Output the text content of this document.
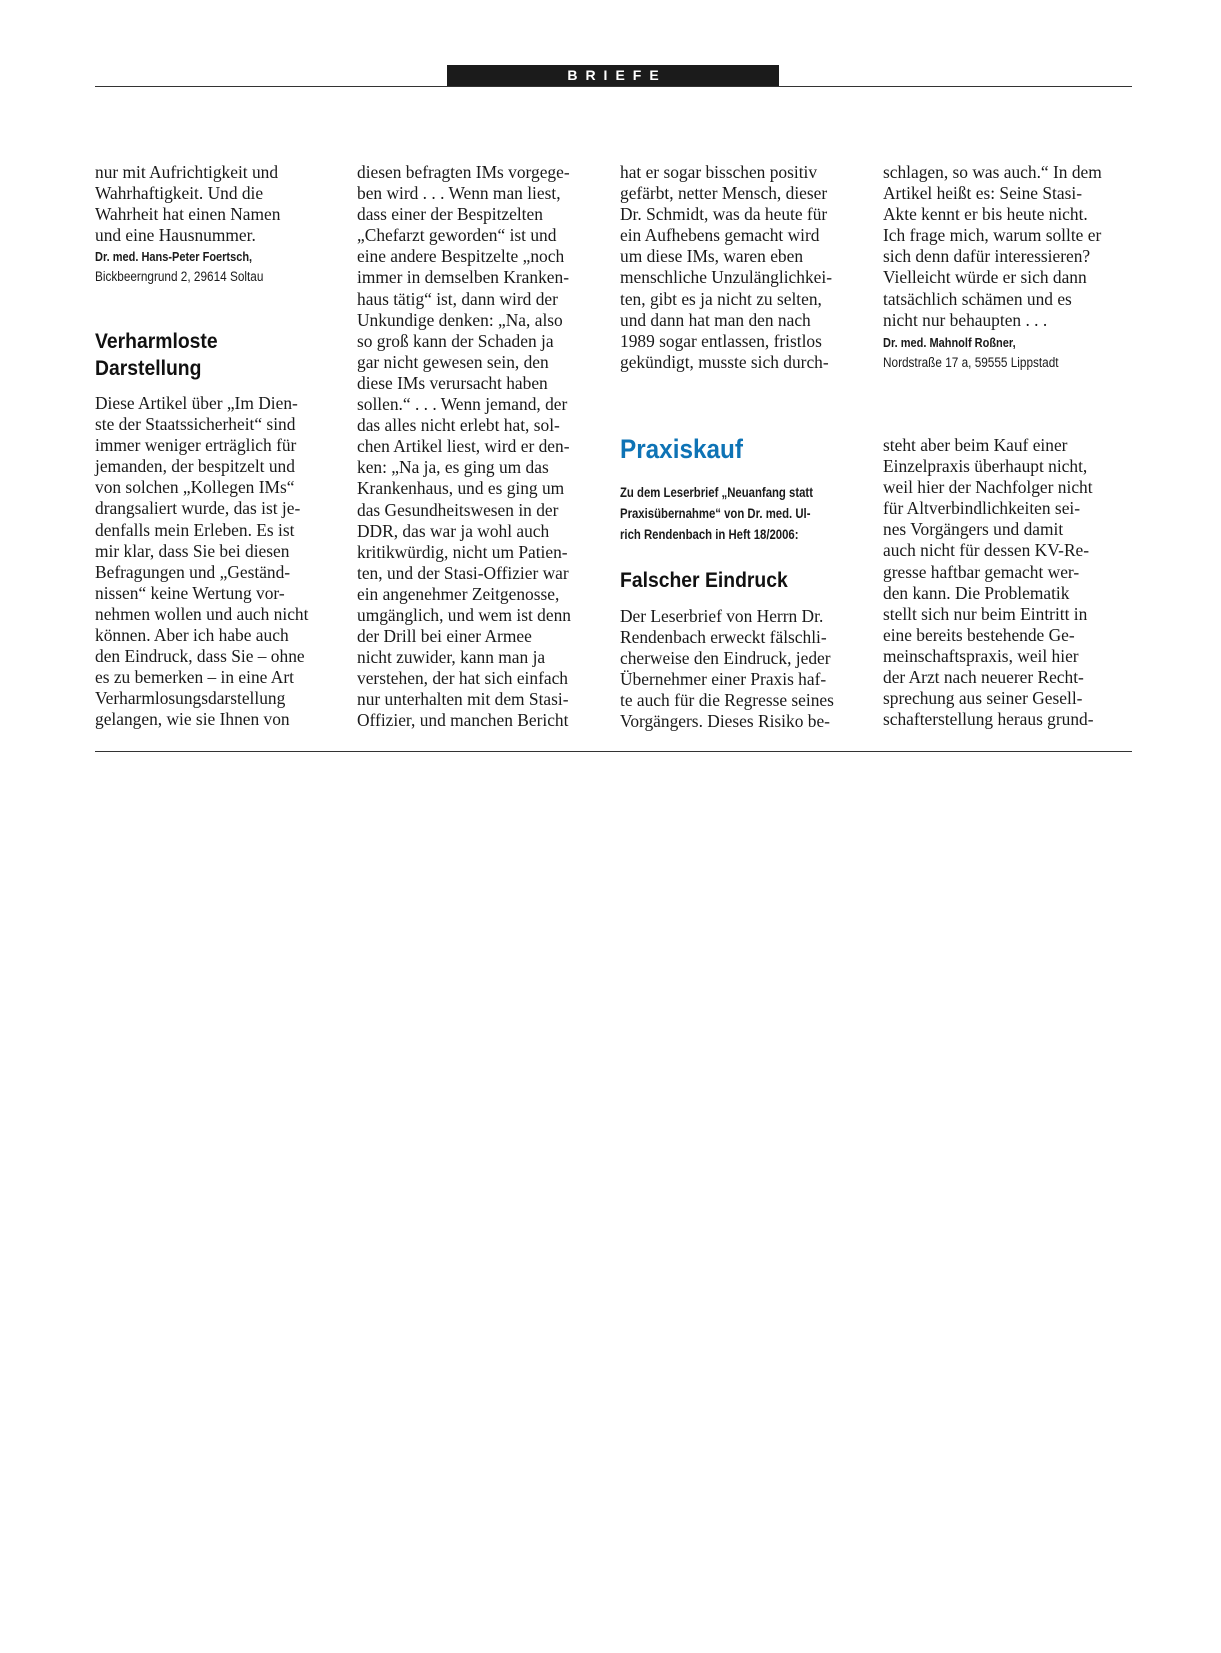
BRIEFE
nur mit Aufrichtigkeit und
Wahrhaftigkeit. Und die
Wahrheit hat einen Namen
und eine Hausnummer.
Dr. med. Hans-Peter Foertsch,
Bickbeerngrund 2, 29614 Soltau
Verharmloste
Darstellung
Diese Artikel über „Im Dien-
ste der Staatssicherheit“ sind
immer weniger erträglich für
jemanden, der bespitzelt und
von solchen „Kollegen IMs“
drangsaliert wurde, das ist je-
denfalls mein Erleben. Es ist
mir klar, dass Sie bei diesen
Befragungen und „Geständ-
nissen“ keine Wertung vor-
nehmen wollen und auch nicht
können. Aber ich habe auch
den Eindruck, dass Sie – ohne
es zu bemerken – in eine Art
Verharmlosungsdarstellung
gelangen, wie sie Ihnen von
diesen befragten IMs vorgege-
ben wird . . . Wenn man liest,
dass einer der Bespitzelten
„Chefarzt geworden“ ist und
eine andere Bespitzelte „noch
immer in demselben Kranken-
haus tätig“ ist, dann wird der
Unkundige denken: „Na, also
so groß kann der Schaden ja
gar nicht gewesen sein, den
diese IMs verursacht haben
sollen.“ . . . Wenn jemand, der
das alles nicht erlebt hat, sol-
chen Artikel liest, wird er den-
ken: „Na ja, es ging um das
Krankenhaus, und es ging um
das Gesundheitswesen in der
DDR, das war ja wohl auch
kritikwürdig, nicht um Patien-
ten, und der Stasi-Offizier war
ein angenehmer Zeitgenosse,
umgänglich, und wem ist denn
der Drill bei einer Armee
nicht zuwider, kann man ja
verstehen, der hat sich einfach
nur unterhalten mit dem Stasi-
Offizier, und manchen Bericht
hat er sogar bisschen positiv
gefärbt, netter Mensch, dieser
Dr. Schmidt, was da heute für
ein Aufhebens gemacht wird
um diese IMs, waren eben
menschliche Unzulänglichkei-
ten, gibt es ja nicht zu selten,
und dann hat man den nach
1989 sogar entlassen, fristlos
gekündigt, musste sich durch-
Praxiskauf
Zu dem Leserbrief „Neuanfang statt
Praxisübernahme“ von Dr. med. Ul-
rich Rendenbach in Heft 18/2006:
Falscher Eindruck
Der Leserbrief von Herrn Dr.
Rendenbach erweckt fälschli-
cherweise den Eindruck, jeder
Übernehmer einer Praxis haf-
te auch für die Regresse seines
Vorgängers. Dieses Risiko be-
schlagen, so was auch.“ In dem
Artikel heißt es: Seine Stasi-
Akte kennt er bis heute nicht.
Ich frage mich, warum sollte er
sich denn dafür interessieren?
Vielleicht würde er sich dann
tatsächlich schämen und es
nicht nur behaupten . . .
Dr. med. Mahnolf Roßner,
Nordstraße 17 a, 59555 Lippstadt
steht aber beim Kauf einer
Einzelpraxis überhaupt nicht,
weil hier der Nachfolger nicht
für Altverbindlichkeiten sei-
nes Vorgängers und damit
auch nicht für dessen KV-Re-
gresse haftbar gemacht wer-
den kann. Die Problematik
stellt sich nur beim Eintritt in
eine bereits bestehende Ge-
meinschaftspraxis, weil hier
der Arzt nach neuerer Recht-
sprechung aus seiner Gesell-
schafterstellung heraus grund-
